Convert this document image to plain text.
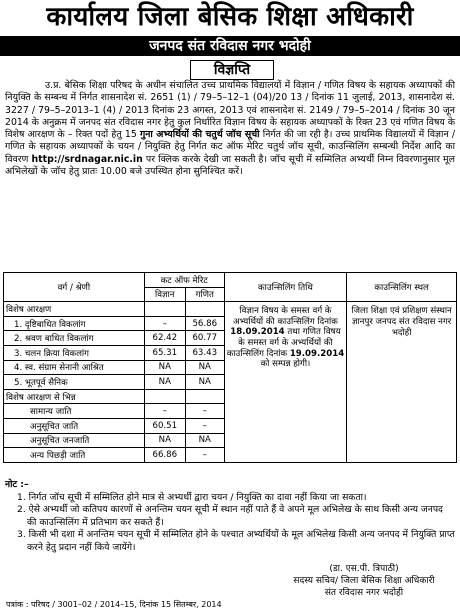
कार्यालय जिला बेसिक शिक्षा अधिकारी
जनपद संत रविदास नगर भदोही
विज्ञप्ति
उ.प्र. बेसिक शिक्षा परिषद के अधीन संचालित उच्च प्राथमिक विद्यालयों में विज्ञान / गणित विषय के सहायक अध्यापकों की नियुक्ति के सम्बन्ध में निर्गत शासनादेश सं. 2651 (1) / 79–5–12–1 (04)/20 13 / दिनांक 11 जुलाई, 2013, शासनादेश सं. 3227 / 79–5–2013–1 (4) / 2013 दिनांक 23 अगस्त, 2013 एवं शासनादेश सं. 2149 / 79–5–2014 / दिनांक 30 जून 2014 के अनुक्रम में जनपद संत रविदास नगर हेतु कुल निर्धारित विज्ञान विषय के सहायक अध्यापकों के रिक्त 23 एवं गणित विषय के विशेष आरक्षण के – रिक्त पदों हेतु 15 गुना अभ्यर्थियों की चतुर्थ जॉच सूची निर्गत की जा रही है। उच्च प्राथमिक विद्यालयों में विज्ञान / गणित के सहायक अध्यापकों के चयन / नियुक्ति हेतु निर्गत कट ऑफ मेरिट चतुर्थ जॉच सूची, काउन्सिलिंग सम्बन्धी निर्देश आदि का विवरण http://srdnagar.nic.in पर क्लिक करके देखी जा सकती है। जॉच सूची में सम्मिलित अभ्यर्थी निम्न विवरणानुसार मूल अभिलेखों के जॉच हेतु प्रातः 10.00 बजे उपस्थित होना सुनिश्चित करें।
वर्ग / श्रेणी	कट ऑफ मेरिट		काउन्सिलिंग तिथि	काउन्सिलिंग स्थल
	विज्ञान	गणित		
विशेष आरक्षण			विज्ञान विषय के समस्त वर्ग के अभ्यर्थियों की काउन्सिलिंग दिनांक 18.09.2014 तथा गणित विषय के समस्त वर्ग के अभ्यर्थियों की काउन्सिलिंग दिनांक 19.09.2014 को सम्पन्न होगी।	जिला शिक्षा एवं प्रशिक्षण संस्थान ज्ञानपुर जनपद संत रविदास नगर भदोही
1. दृष्टिबाधित विकलांग	–	56.86		
2. श्रवण बाधित विकलांग	62.42	60.77		
3. चलन क्रिया विकलांग	65.31	63.43		
4. स्व. संग्राम सेनानी आश्रित	NA	NA		
5. भूतपूर्व सैनिक	NA	NA		
विशेष आरक्षण से भिन्न				
सामान्य जाति	–	–		
अनुसूचित जाति	60.51	–		
अनुसूचित जनजाति	NA	NA		
अन्य पिछड़ी जाति	66.86	–		
नोट :–
1. निर्गत जॉच सूची में सम्मिलित होने मात्र से अभ्यर्थी द्वारा चयन / नियुक्ति का दावा नहीं किया जा सकता।
2. ऐसे अभ्यर्थी जो कतिपय कारणों से अनन्तिम चयन सूची में स्थान नहीं पाते हैं वे अपने मूल अभिलेख के साथ किसी अन्य जनपद की काउन्सिलिंग में प्रतिभाग कर सकते हैं।
3. किसी भी दशा में अनन्तिम चयन सूची में सम्मिलित होने के पश्चात अभ्यर्थियों के मूल अभिलेख किसी अन्य जनपद में नियुक्ति प्राप्त करने हेतु प्रदान नहीं किये जायेंगे।
(डा. एस.पी. त्रिपाठी)
सदस्य सचिव/ जिला बेसिक शिक्षा अधिकारी
संत रविदास नगर भदोही
पत्रांक : परिषद / 3001–02 / 2014–15, दिनांक 15 सितम्बर, 2014
